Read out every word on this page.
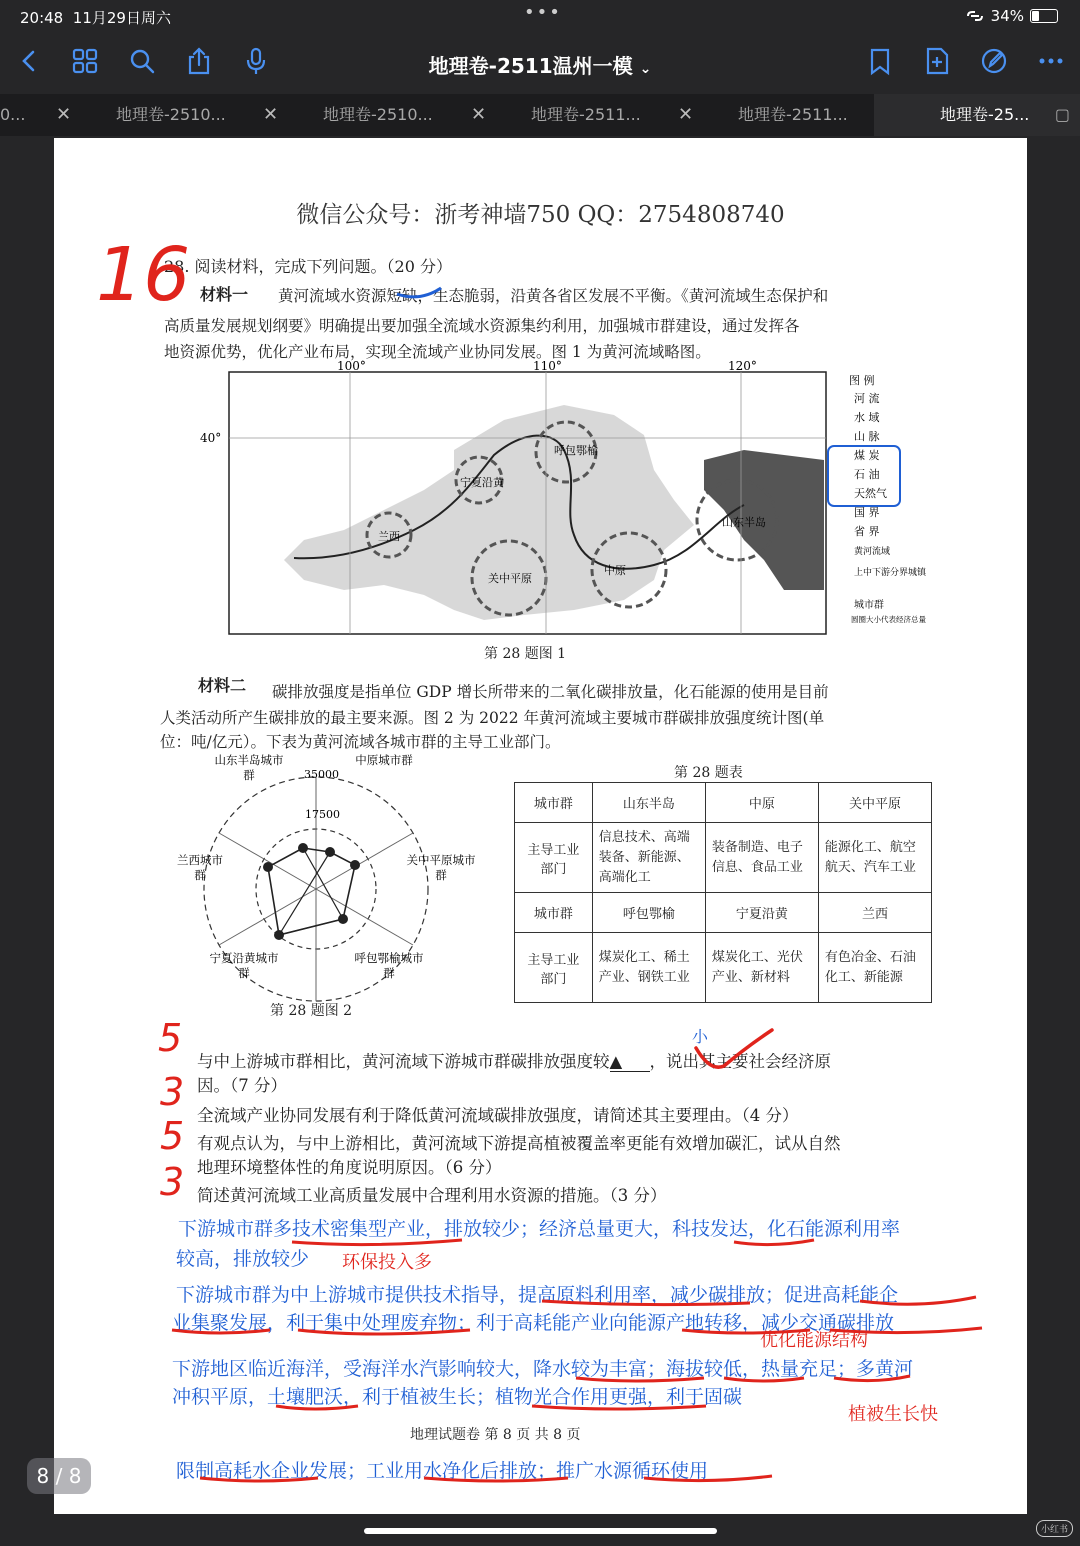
20:48 11月29日周六	•••	34%
地理卷-2511温州一模 ⌄
0...	✕	地理卷-2510... ✕	地理卷-2510... ✕	地理卷-2511... ✕	地理卷-2511...	地理卷-25... ▢
微信公众号：浙考神墙750 QQ：2754808740
28. 阅读材料，完成下列问题。（20 分）
材料一 黄河流域水资源短缺，生态脆弱，沿黄各省区发展不平衡。《黄河流域生态保护和
高质量发展规划纲要》明确提出要加强全流域水资源集约利用，加强城市群建设，通过发挥各
地资源优势，优化产业布局，实现全流域产业协同发展。图 1 为黄河流域略图。
100°	110°	120°
40°
呼包鄂榆
宁夏沿黄
兰西
关中平原
中原
山东半岛
图 例
河 流
水 域
山 脉
煤 炭
石 油
天然气
国 界
省 界
黄河流域
上中下游分界城镇
城市群
圆圈大小代表经济总量
第 28 题图 1
材料二 碳排放强度是指单位 GDP 增长所带来的二氧化碳排放量，化石能源的使用是目前
人类活动所产生碳排放的最主要来源。图 2 为 2022 年黄河流域主要城市群碳排放强度统计图(单
位：吨/亿元）。下表为黄河流域各城市群的主导工业部门。
35000
17500
山东半岛城市群
中原城市群
关中平原城市群
呼包鄂榆城市群
宁夏沿黄城市群
兰西城市群
第 28 题图 2
第 28 题表
城市群	山东半岛	中原	关中平原
主导工业部门	信息技术、高端装备、新能源、高端化工	装备制造、电子信息、食品工业	能源化工、航空航天、汽车工业
城市群	呼包鄂榆	宁夏沿黄	兰西
主导工业部门	煤炭化工、稀土产业、钢铁工业	煤炭化工、光伏产业、新材料	有色冶金、石油化工、新能源
与中上游城市群相比，黄河流域下游城市群碳排放强度较▲ ，说出其主要社会经济原
因。（7 分）
全流域产业协同发展有利于降低黄河流域碳排放强度，请简述其主要理由。（4 分）
有观点认为，与中上游相比，黄河流域下游提高植被覆盖率更能有效增加碳汇，试从自然
地理环境整体性的角度说明原因。（6 分）
简述黄河流域工业高质量发展中合理利用水资源的措施。（3 分）
地理试题卷 第 8 页 共 8 页
16
小
5
3
5
3
下游城市群多技术密集型产业，排放较少；经济总量更大，科技发达，化石能源利用率
较高，排放较少 环保投入多
下游城市群为中上游城市提供技术指导，提高原料利用率，减少碳排放；促进高耗能企
业集聚发展，利于集中处理废弃物；利于高耗能产业向能源产地转移，减少交通碳排放
优化能源结构
下游地区临近海洋，受海洋水汽影响较大，降水较为丰富；海拔较低，热量充足；多黄河
冲积平原，土壤肥沃，利于植被生长；植物光合作用更强，利于固碳
植被生长快
限制高耗水企业发展；工业用水净化后排放；推广水源循环使用
8 / 8
小红书
